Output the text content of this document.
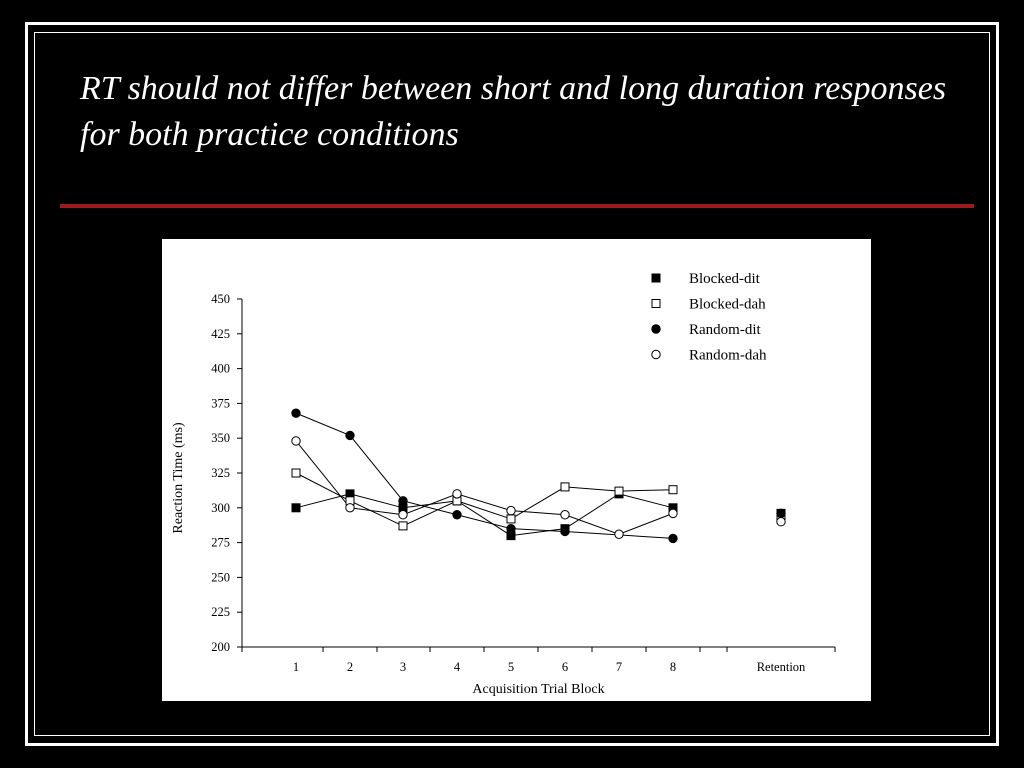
RT should not differ between short and long duration responses for both practice conditions
200
225
250
275
300
325
350
375
400
425
450
1	2	3	4	5	6	7	8	Retention
Acquisition Trial Block
Reaction Time (ms)
Blocked-dit
Blocked-dah
Random-dit
Random-dah
